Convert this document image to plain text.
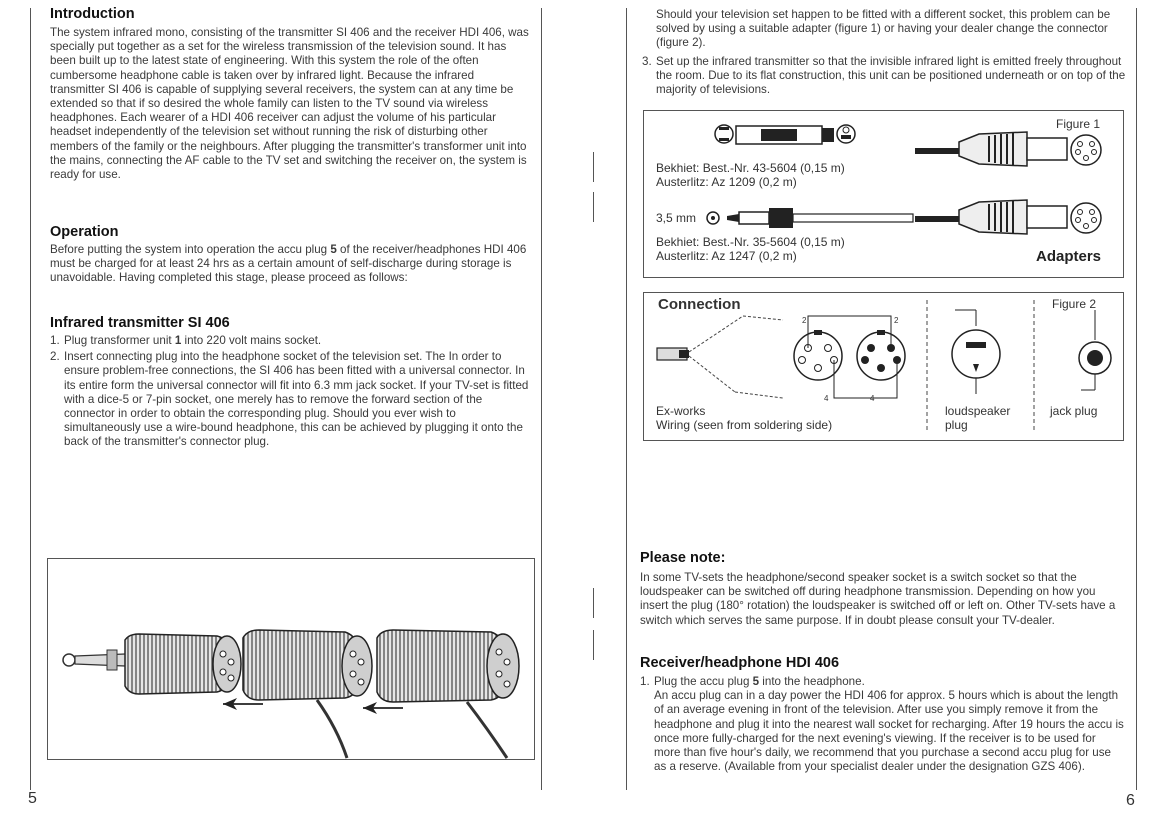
Introduction
The system infrared mono, consisting of the transmitter SI 406 and the receiver HDI 406, was specially put together as a set for the wireless transmission of the television sound. It has been built up to the latest state of engineering. With this system the role of the often cumbersome headphone cable is taken over by infrared light. Because the infrared transmitter SI 406 is capable of supplying several receivers, the system can at any time be extended so that if so desired the whole family can listen to the TV sound via wireless headphones. Each wearer of a HDI 406 receiver can adjust the volume of his particular headset independently of the television set without running the risk of disturbing other members of the family or the neighbours. After plugging the transmitter's transformer unit into the mains, connecting the AF cable to the TV set and switching the receiver on, the system is ready for use.
Operation
Before putting the system into operation the accu plug 5 of the receiver/headphones HDI 406 must be charged for at least 24 hrs as a certain amount of self-discharge during storage is unavoidable. Having completed this stage, please proceed as follows:
Infrared transmitter SI 406
1. Plug transformer unit 1 into 220 volt mains socket.
2. Insert connecting plug into the headphone socket of the television set. The In order to ensure problem-free connections, the SI 406 has been fitted with a universal connector. In its entire form the universal connector will fit into 6.3 mm jack socket. If your TV-set is fitted with a dice-5 or 7-pin socket, one merely has to remove the forward section of the connector in order to obtain the corresponding plug. Should you ever wish to simultaneously use a wire-bound headphone, this can be achieved by plugging it onto the back of the transmitter's connector plug.
5
Should your television set happen to be fitted with a different socket, this problem can be solved by using a suitable adapter (figure 1) or having your dealer change the connector (figure 2).
3. Set up the infrared transmitter so that the invisible infrared light is emitted freely throughout the room. Due to its flat construction, this unit can be positioned underneath or on top of the majority of televisions.
Figure 1
Bekhiet: Best.-Nr. 43-5604 (0,15 m)
Austerlitz: Az 1209 (0,2 m)
3,5 mm
Bekhiet: Best.-Nr. 35-5604 (0,15 m)
Austerlitz: Az 1247 (0,2 m)	Adapters
Connection	Figure 2
2	2
4	4
Ex-works
Wiring (seen from soldering side)
loudspeaker
plug
jack plug
Please note:
In some TV-sets the headphone/second speaker socket is a switch socket so that the loudspeaker can be switched off during headphone transmission. Depending on how you insert the plug (180° rotation) the loudspeaker is switched off or left on. Other TV-sets have a switch which serves the same purpose. If in doubt please consult your TV-dealer.
Receiver/headphone HDI 406
1. Plug the accu plug 5 into the headphone.
An accu plug can in a day power the HDI 406 for approx. 5 hours which is about the length of an average evening in front of the television. After use you simply remove it from the headphone and plug it into the nearest wall socket for recharging. After 19 hours the accu is once more fully-charged for the next evening's viewing. If the receiver is to be used for more than five hour's daily, we recommend that you purchase a second accu plug for use as a reserve. (Available from your specialist dealer under the designation GZS 406).
6
